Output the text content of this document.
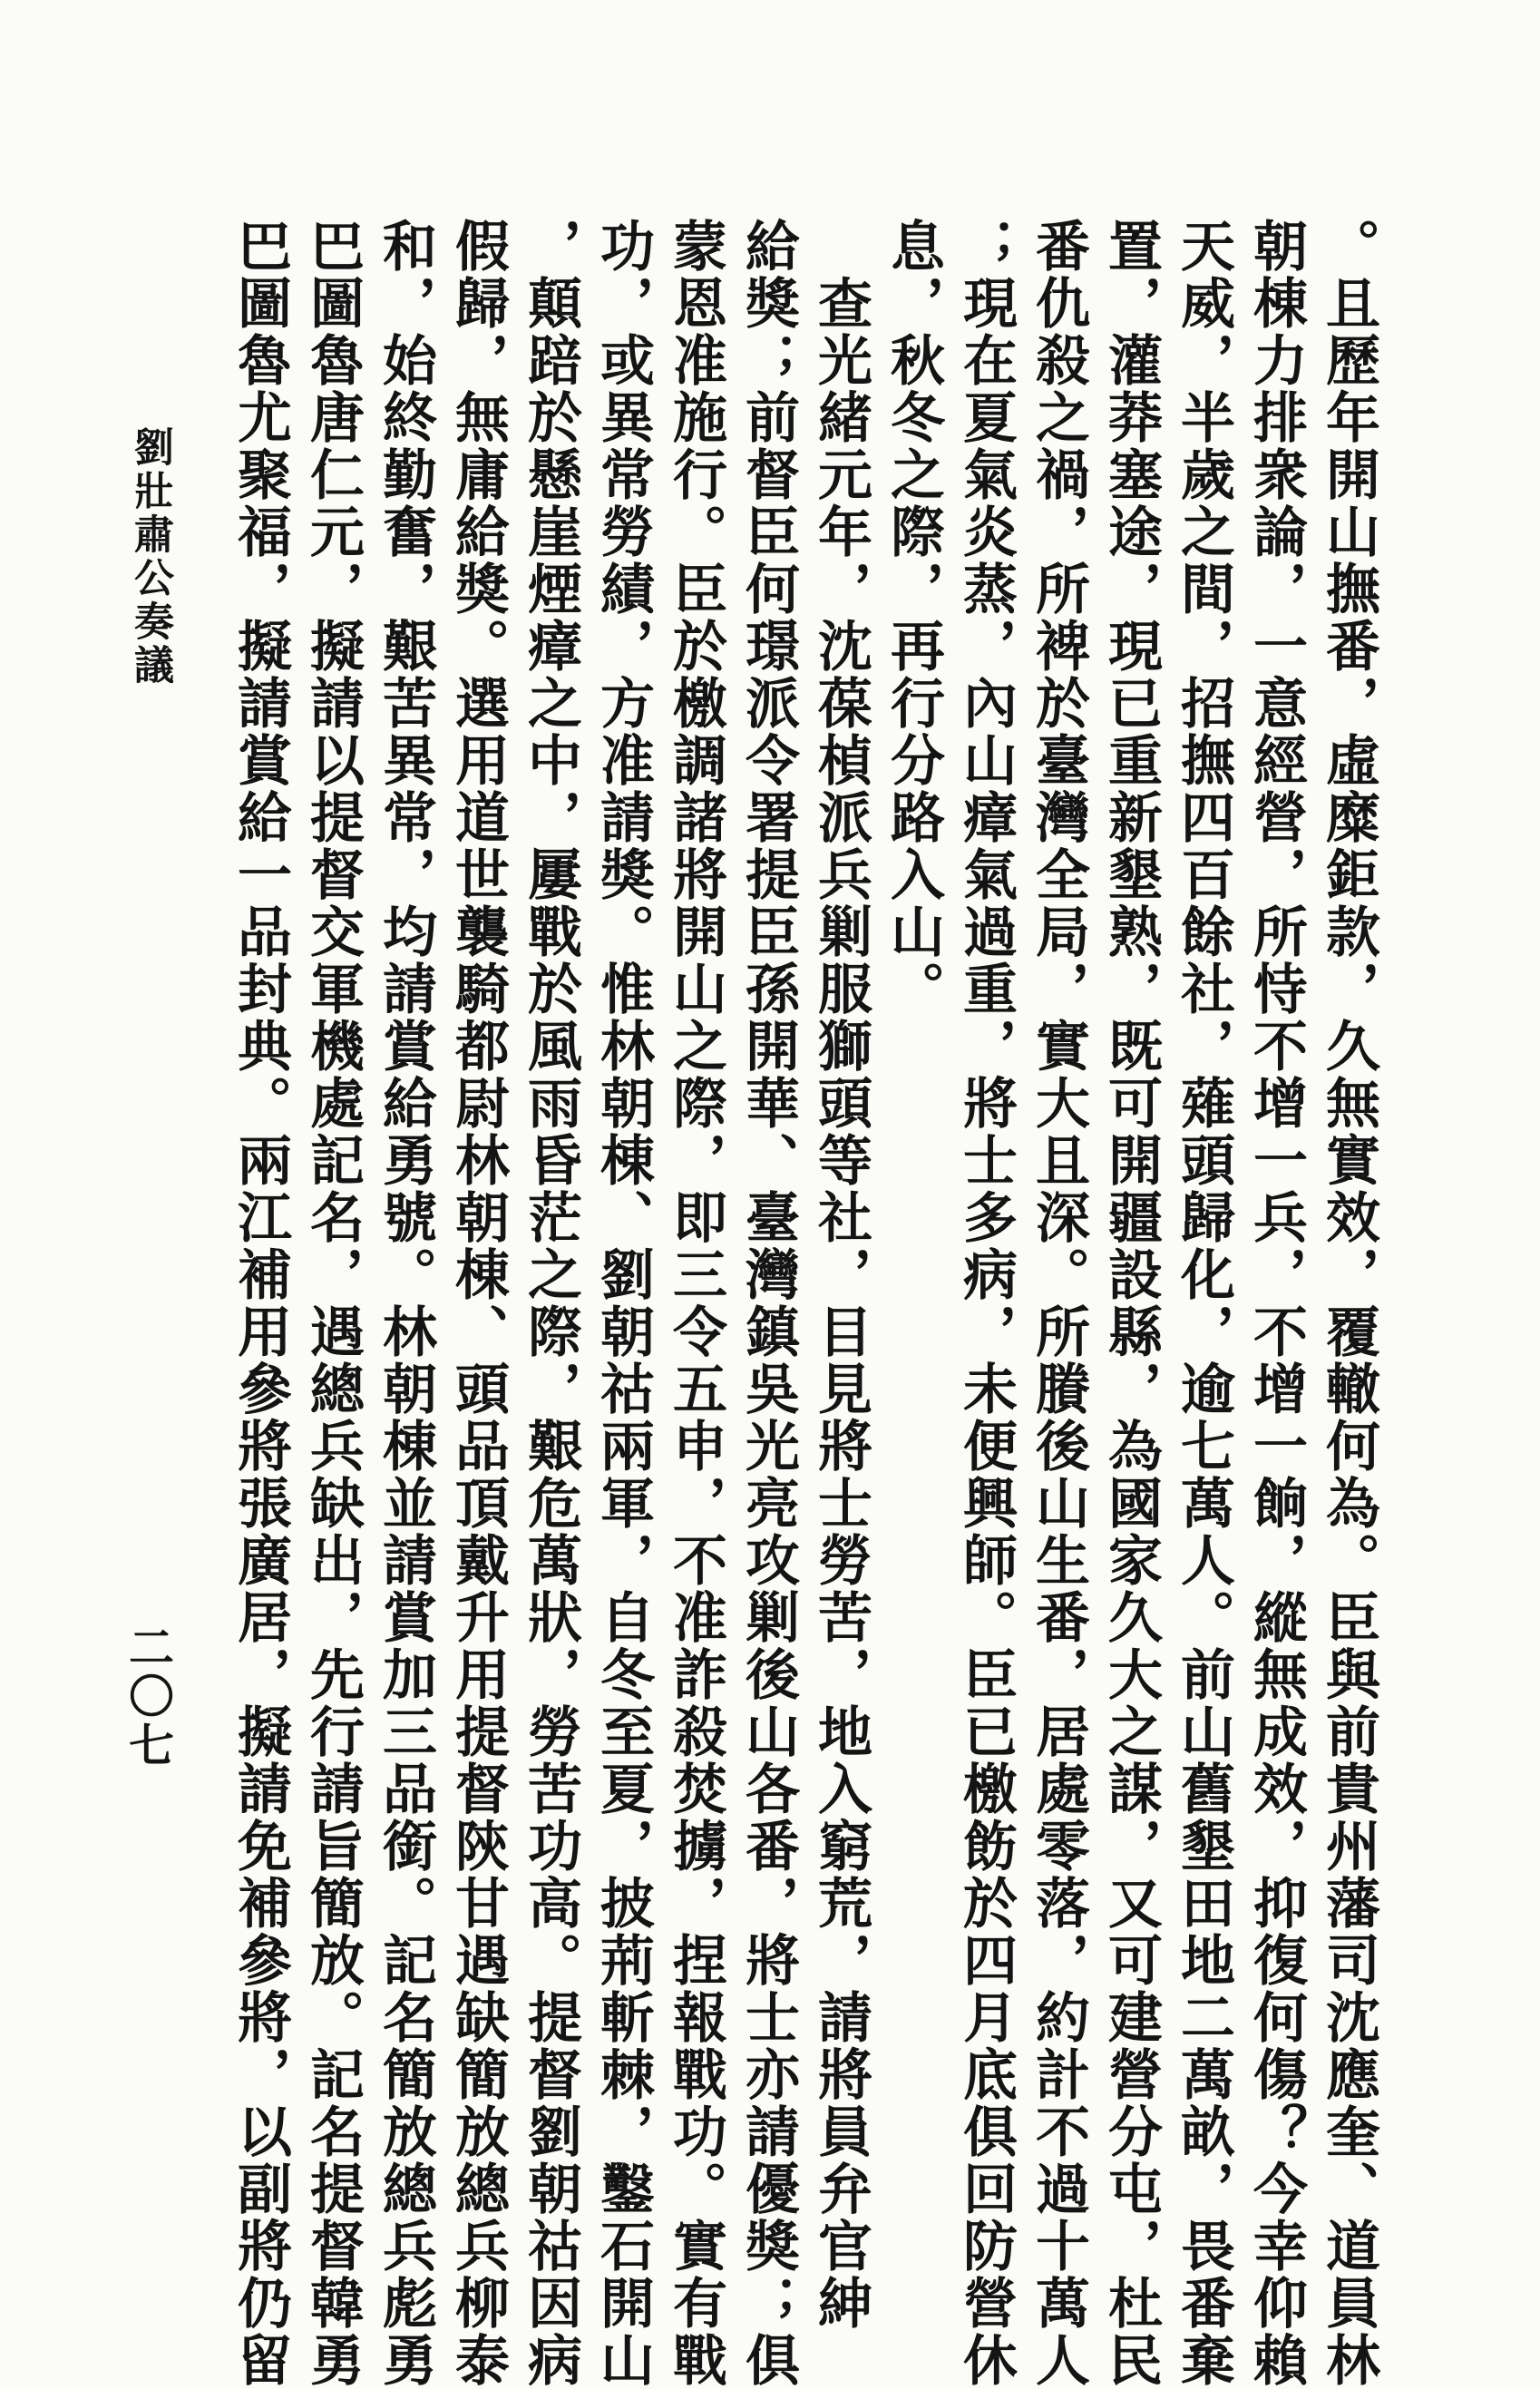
。且歷年開山撫番，虛糜鉅款，久無實效，覆轍何為。臣與前貴州藩司沈應奎、道員林
朝棟力排衆論，一意經營，所恃不增一兵，不增一餉，縱無成效，抑復何傷？今幸仰賴
天威，半歲之間，招撫四百餘社，薙頭歸化，逾七萬人。前山舊墾田地二萬畝，畏番棄
置，灌莽塞途，現已重新墾熟，既可開疆設縣，為國家久大之謀，又可建營分屯，杜民
番仇殺之禍，所裨於臺灣全局，實大且深。所賸後山生番，居處零落，約計不過十萬人
；現在夏氣炎蒸，內山瘴氣過重，將士多病，未便興師。臣已檄飭於四月底俱回防營休
息，秋冬之際，再行分路入山。
　查光緒元年，沈葆楨派兵剿服獅頭等社，目見將士勞苦，地入窮荒，請將員弁官紳
給獎；前督臣何璟派令署提臣孫開華、臺灣鎮吳光亮攻剿後山各番，將士亦請優獎；俱
蒙恩准施行。臣於檄調諸將開山之際，即三令五申，不准詐殺焚擄，捏報戰功。實有戰
功，或異常勞績，方准請獎。惟林朝棟、劉朝祜兩軍，自冬至夏，披荊斬棘，鑿石開山
，顛踣於懸崖煙瘴之中，屢戰於風雨昏茫之際，艱危萬狀，勞苦功高。提督劉朝祜因病
假歸，無庸給獎。選用道世襲騎都尉林朝棟、頭品頂戴升用提督陝甘遇缺簡放總兵柳泰
和，始終勤奮，艱苦異常，均請賞給勇號。林朝棟並請賞加三品銜。記名簡放總兵彪勇
巴圖魯唐仁元，擬請以提督交軍機處記名，遇總兵缺出，先行請旨簡放。記名提督韓勇
巴圖魯尤聚福，擬請賞給一品封典。兩江補用參將張廣居，擬請免補參將，以副將仍留
劉壯肅公奏議
二〇七
